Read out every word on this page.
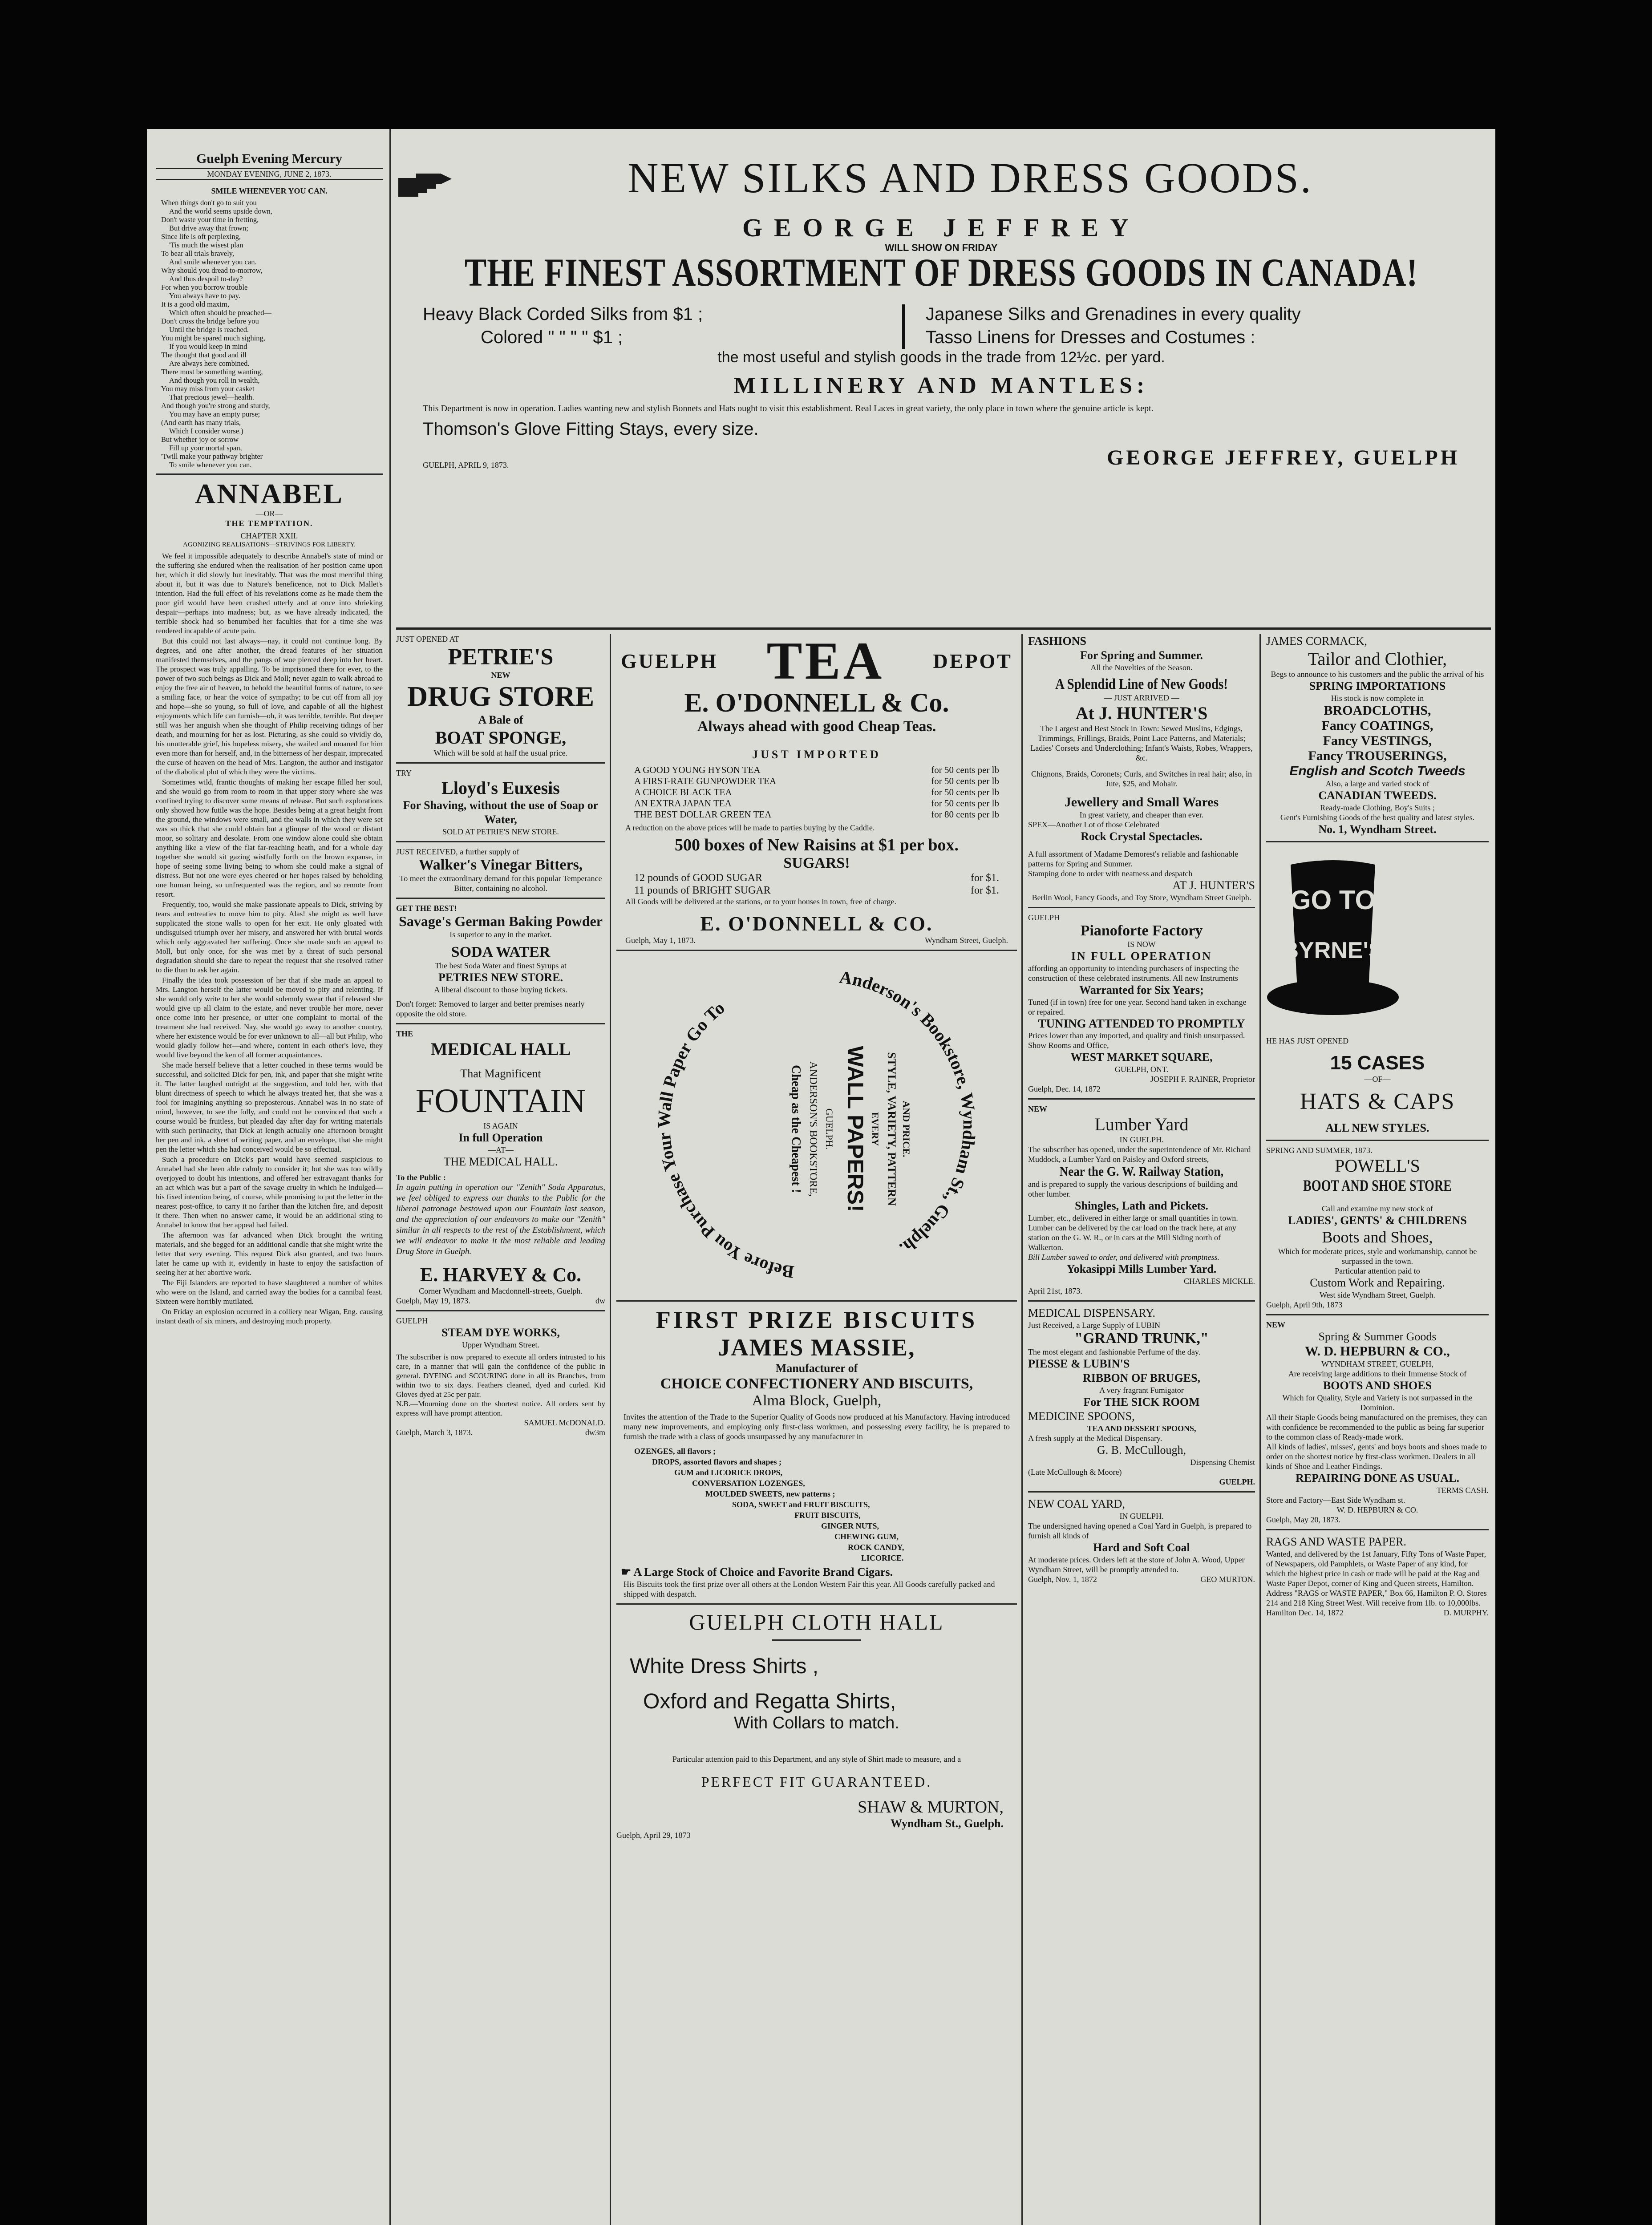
Guelph Evening Mercury
MONDAY EVENING, JUNE 2, 1873.
SMILE WHENEVER YOU CAN.
When things don't go to suit you
And the world seems upside down,
Don't waste your time in fretting,
But drive away that frown;
Since life is oft perplexing,
'Tis much the wisest plan
To bear all trials bravely,
And smile whenever you can.
Why should you dread to-morrow,
And thus despoil to-day?
For when you borrow trouble
You always have to pay.
It is a good old maxim,
Which often should be preached—
Don't cross the bridge before you
Until the bridge is reached.
You might be spared much sighing,
If you would keep in mind
The thought that good and ill
Are always here combined.
There must be something wanting,
And though you roll in wealth,
You may miss from your casket
That precious jewel—health.
And though you're strong and sturdy,
You may have an empty purse;
(And earth has many trials,
Which I consider worse.)
But whether joy or sorrow
Fill up your mortal span,
'Twill make your pathway brighter
To smile whenever you can.
ANNABEL
—OR—
THE TEMPTATION.
CHAPTER XXII.
AGONIZING REALISATIONS—STRIVINGS FOR LIBERTY.

We feel it impossible adequately to describe Annabel's state of mind or the suffering she endured when the realisation of her position came upon her, which it did slowly but inevitably. That was the most merciful thing about it, but it was due to Nature's beneficence, not to Dick Mallet's intention. Had the full effect of his revelations come as he made them the poor girl would have been crushed utterly and at once into shrieking despair—perhaps into madness; but, as we have already indicated, the terrible shock had so benumbed her faculties that for a time she was rendered incapable of acute pain.

But this could not last always—nay, it could not continue long. By degrees, and one after another, the dread features of her situation manifested themselves, and the pangs of woe pierced deep into her heart. The prospect was truly appalling. To be imprisoned there for ever, to the power of two such beings as Dick and Moll; never again to walk abroad to enjoy the free air of heaven, to behold the beautiful forms of nature, to see a smiling face, or hear the voice of sympathy; to be cut off from all joy and hope—she so young, so full of love, and capable of all the highest enjoyments which life can furnish—oh, it was terrible, terrible. But deeper still was her anguish when she thought of Philip receiving tidings of her death, and mourning for her as lost. Picturing, as she could so vividly do, his unutterable grief, his hopeless misery, she wailed and moaned for him even more than for herself, and, in the bitterness of her despair, imprecated the curse of heaven on the head of Mrs. Langton, the author and instigator of the diabolical plot of which they were the victims.

Sometimes wild, frantic thoughts of making her escape filled her soul, and she would go from room to room in that upper story where she was confined trying to discover some means of release. But such explorations only showed how futile was the hope. Besides being at a great height from the ground, the windows were small, and the walls in which they were set was so thick that she could obtain but a glimpse of the wood or distant moor, so solitary and desolate. From one window alone could she obtain anything like a view of the flat far-reaching heath, and for a whole day together she would sit gazing wistfully forth on the brown expanse, in hope of seeing some living being to whom she could make a signal of distress. But not one were eyes cheered or her hopes raised by beholding one human being, so unfrequented was the region, and so remote from resort.

Frequently, too, would she make passionate appeals to Dick, striving by tears and entreaties to move him to pity. Alas! she might as well have supplicated the stone walls to open for her exit. He only gloated with undisguised triumph over her misery, and answered her with brutal words which only aggravated her suffering. Once she made such an appeal to Moll, but only once, for she was met by a threat of such personal degradation should she dare to repeat the request that she resolved rather to die than to ask her again.

Finally the idea took possession of her that if she made an appeal to Mrs. Langton herself the latter would be moved to pity and relenting. If she would only write to her she would solemnly swear that if released she would give up all claim to the estate, and never trouble her more, never once come into her presence, or utter one complaint to mortal of the treatment she had received. Nay, she would go away to another country, where her existence would be for ever unknown to all—all but Philip, who would gladly follow her—and where, content in each other's love, they would live beyond the ken of all former acquaintances.

She made herself believe that a letter couched in these terms would be successful, and solicited Dick for pen, ink, and paper that she might write it. The latter laughed outright at the suggestion, and told her, with that blunt directness of speech to which he always treated her, that she was a fool for imagining anything so preposterous. Annabel was in no state of mind, however, to see the folly, and could not be convinced that such a course would be fruitless, but pleaded day after day for writing materials with such pertinacity, that Dick at length actually one afternoon brought her pen and ink, a sheet of writing paper, and an envelope, that she might pen the letter which she had conceived would be so effectual.

Such a procedure on Dick's part would have seemed suspicious to Annabel had she been able calmly to consider it; but she was too wildly overjoyed to doubt his intentions, and offered her extravagant thanks for an act which was but a part of the savage cruelty in which he indulged—his fixed intention being, of course, while promising to put the letter in the nearest post-office, to carry it no farther than the kitchen fire, and deposit it there. Then when no answer came, it would be an additional sting to Annabel to know that her appeal had failed.

The afternoon was far advanced when Dick brought the writing materials, and she begged for an additional candle that she might write the letter that very evening. This request Dick also granted, and two hours later he came up with it, evidently in haste to enjoy the satisfaction of seeing her at her abortive work.

The Fiji Islanders are reported to have slaughtered a number of whites who were on the Island, and carried away the bodies for a cannibal feast. Sixteen were horribly mutilated.

On Friday an explosion occurred in a colliery near Wigan, Eng. causing instant death of six miners, and destroying much property.

NEW SILKS AND DRESS GOODS.
GEORGE JEFFREY
WILL SHOW ON FRIDAY
THE FINEST ASSORTMENT OF DRESS GOODS IN CANADA!
Heavy Black Corded Silks from $1 ;
Colored " " " " $1 ;
Japanese Silks and Grenadines in every quality
Tasso Linens for Dresses and Costumes :
the most useful and stylish goods in the trade from 12½c. per yard.
MILLINERY AND MANTLES:
This Department is now in operation. Ladies wanting new and stylish Bonnets and Hats ought to visit this establishment. Real Laces in great variety, the only place in town where the genuine article is kept.
Thomson's Glove Fitting Stays, every size.
GUELPH, APRIL 9, 1873.	GEORGE JEFFREY, GUELPH
JUST OPENED AT
PETRIE'S
NEW
DRUG STORE
A Bale of
BOAT SPONGE,
Which will be sold at half the usual price.
TRY
Lloyd's Euxesis
For Shaving, without the use of Soap or Water,
SOLD AT PETRIE'S NEW STORE.
JUST RECEIVED, a further supply of
Walker's Vinegar Bitters,
To meet the extraordinary demand for this popular Temperance Bitter, containing no alcohol.
GET THE BEST!
Savage's German Baking Powder
Is superior to any in the market.
SODA WATER
The best Soda Water and finest Syrups at
PETRIES NEW STORE.
A liberal discount to those buying tickets.
Don't forget: Removed to larger and better premises nearly opposite the old store.
THE
MEDICAL HALL
That Magnificent
FOUNTAIN
IS AGAIN
In full Operation
—AT—
THE MEDICAL HALL.
To the Public :
In again putting in operation our "Zenith" Soda Apparatus, we feel obliged to express our thanks to the Public for the liberal patronage bestowed upon our Fountain last season, and the appreciation of our endeavors to make our "Zenith" similar in all respects to the rest of the Establishment, which we will endeavor to make it the most reliable and leading Drug Store in Guelph.
E. HARVEY & Co.
Corner Wyndham and Macdonnell-streets, Guelph.
Guelph, May 19, 1873.	dw
GUELPH
STEAM DYE WORKS,
Upper Wyndham Street.
The subscriber is now prepared to execute all orders intrusted to his care, in a manner that will gain the confidence of the public in general. DYEING and SCOURING done in all its Branches, from within two to six days. Feathers cleaned, dyed and curled. Kid Gloves dyed at 25c per pair.
N.B.—Mourning done on the shortest notice. All orders sent by express will have prompt attention.
SAMUEL McDONALD.
Guelph, March 3, 1873.	dw3m
GUELPH TEA DEPOT
E. O'DONNELL & Co.
Always ahead with good Cheap Teas.
JUST IMPORTED
A GOOD YOUNG HYSON TEA	for 50 cents per lb
A FIRST-RATE GUNPOWDER TEA	for 50 cents per lb
A CHOICE BLACK TEA	for 50 cents per lb
AN EXTRA JAPAN TEA	for 50 cents per lb
THE BEST DOLLAR GREEN TEA	for 80 cents per lb
A reduction on the above prices will be made to parties buying by the Caddie.
500 boxes of New Raisins at $1 per box.
SUGARS!
12 pounds of GOOD SUGAR	for $1.
11 pounds of BRIGHT SUGAR	for $1.
All Goods will be delivered at the stations, or to your houses in town, free of charge.
E. O'DONNELL & CO.
Guelph, May 1, 1873.	Wyndham Street, Guelph.
Anderson's Bookstore, Wyndham St., Guelph.
Before You Purchase Your Wall Paper Go To
Cheap as the Cheapest ! ANDERSON'S BOOKSTORE, GUELPH. WALL PAPERS! EVERY STYLE, VARIETY, PATTERN AND PRICE.
FIRST PRIZE BISCUITS
JAMES MASSIE,
Manufacturer of
CHOICE CONFECTIONERY AND BISCUITS,
Alma Block, Guelph,
Invites the attention of the Trade to the Superior Quality of Goods now produced at his Manufactory. Having introduced many new improvements, and employing only first-class workmen, and possessing every facility, he is prepared to furnish the trade with a class of goods unsurpassed by any manufacturer in
OZENGES, all flavors ;
DROPS, assorted flavors and shapes ;
GUM and LICORICE DROPS,
CONVERSATION LOZENGES,
MOULDED SWEETS, new patterns ;
SODA, SWEET and FRUIT BISCUITS,
FRUIT BISCUITS,
GINGER NUTS,
CHEWING GUM,
ROCK CANDY,
LICORICE.
☛ A Large Stock of Choice and Favorite Brand Cigars.
His Biscuits took the first prize over all others at the London Western Fair this year. All Goods carefully packed and shipped with despatch.
GUELPH CLOTH HALL
White Dress Shirts ,
Oxford and Regatta Shirts,
With Collars to match.
Particular attention paid to this Department, and any style of Shirt made to measure, and a
PERFECT FIT GUARANTEED.
SHAW & MURTON,
Wyndham St., Guelph.
Guelph, April 29, 1873
FASHIONS
For Spring and Summer.
All the Novelties of the Season.
A Splendid Line of New Goods!
— JUST ARRIVED —
At J. HUNTER'S
The Largest and Best Stock in Town: Sewed Muslins, Edgings, Trimmings, Frillings, Braids, Point Lace Patterns, and Materials; Ladies' Corsets and Underclothing; Infant's Waists, Robes, Wrappers, &c.
Chignons, Braids, Coronets; Curls, and Switches in real hair; also, in Jute, $25, and Mohair.
Jewellery and Small Wares
In great variety, and cheaper than ever.
SPEX—Another Lot of those Celebrated
Rock Crystal Spectacles.
A full assortment of Madame Demorest's reliable and fashionable patterns for Spring and Summer.
Stamping done to order with neatness and despatch
AT J. HUNTER'S
Berlin Wool, Fancy Goods, and Toy Store, Wyndham Street Guelph.
GUELPH
Pianoforte Factory
IS NOW
IN FULL OPERATION
affording an opportunity to intending purchasers of inspecting the construction of these celebrated instruments. All new Instruments
Warranted for Six Years;
Tuned (if in town) free for one year. Second hand taken in exchange or repaired.
TUNING ATTENDED TO PROMPTLY
Prices lower than any imported, and quality and finish unsurpassed. Show Rooms and Office,
WEST MARKET SQUARE,
GUELPH, ONT.
JOSEPH F. RAINER, Proprietor
Guelph, Dec. 14, 1872
NEW
Lumber Yard
IN GUELPH.
The subscriber has opened, under the superintendence of Mr. Richard Muddock, a Lumber Yard on Paisley and Oxford streets,
Near the G. W. Railway Station,
and is prepared to supply the various descriptions of building and other lumber.
Shingles, Lath and Pickets.
Lumber, etc., delivered in either large or small quantities in town. Lumber can be delivered by the car load on the track here, at any station on the G. W. R., or in cars at the Mill Siding north of Walkerton.
Bill Lumber sawed to order, and delivered with promptness.
Yokasippi Mills Lumber Yard.
CHARLES MICKLE.
April 21st, 1873.
MEDICAL DISPENSARY.
Just Received, a Large Supply of LUBIN
"GRAND TRUNK,"
The most elegant and fashionable Perfume of the day.
PIESSE & LUBIN'S
RIBBON OF BRUGES,
A very fragrant Fumigator
For THE SICK ROOM
MEDICINE SPOONS,
TEA AND DESSERT SPOONS,
A fresh supply at the Medical Dispensary.
G. B. McCullough,
Dispensing Chemist
(Late McCullough & Moore)
GUELPH.
NEW COAL YARD,
IN GUELPH.
The undersigned having opened a Coal Yard in Guelph, is prepared to furnish all kinds of
Hard and Soft Coal
At moderate prices. Orders left at the store of John A. Wood, Upper Wyndham Street, will be promptly attended to.
Guelph, Nov. 1, 1872	GEO MURTON.
JAMES CORMACK,
Tailor and Clothier,
Begs to announce to his customers and the public the arrival of his
SPRING IMPORTATIONS
His stock is now complete in
BROADCLOTHS,
Fancy COATINGS,
Fancy VESTINGS,
Fancy TROUSERINGS,
English and Scotch Tweeds
Also, a large and varied stock of
CANADIAN TWEEDS.
Ready-made Clothing, Boy's Suits ;
Gent's Furnishing Goods of the best quality and latest styles.
No. 1, Wyndham Street.
GO TO
BYRNE'S
HE HAS JUST OPENED
15 CASES
—OF—
HATS & CAPS
ALL NEW STYLES.
SPRING AND SUMMER, 1873.
POWELL'S
BOOT AND SHOE STORE
Call and examine my new stock of
LADIES', GENTS' & CHILDRENS
Boots and Shoes,
Which for moderate prices, style and workmanship, cannot be surpassed in the town.
Particular attention paid to
Custom Work and Repairing.
West side Wyndham Street, Guelph.
Guelph, April 9th, 1873
NEW
Spring & Summer Goods
W. D. HEPBURN & CO.,
WYNDHAM STREET, GUELPH,
Are receiving large additions to their Immense Stock of
BOOTS AND SHOES
Which for Quality, Style and Variety is not surpassed in the Dominion.
All their Staple Goods being manufactured on the premises, they can with confidence be recommended to the public as being far superior to the common class of Ready-made work.
All kinds of ladies', misses', gents' and boys boots and shoes made to order on the shortest notice by first-class workmen. Dealers in all kinds of Shoe and Leather Findings.
REPAIRING DONE AS USUAL.
TERMS CASH.
Store and Factory—East Side Wyndham st.
W. D. HEPBURN & CO.
Guelph, May 20, 1873.
RAGS AND WASTE PAPER.
Wanted, and delivered by the 1st January, Fifty Tons of Waste Paper, of Newspapers, old Pamphlets, or Waste Paper of any kind, for which the highest price in cash or trade will be paid at the Rag and Waste Paper Depot, corner of King and Queen streets, Hamilton. Address "RAGS or WASTE PAPER," Box 66, Hamilton P. O. Stores 214 and 218 King Street West. Will receive from 1lb. to 10,000lbs.
Hamilton Dec. 14, 1872	D. MURPHY.
